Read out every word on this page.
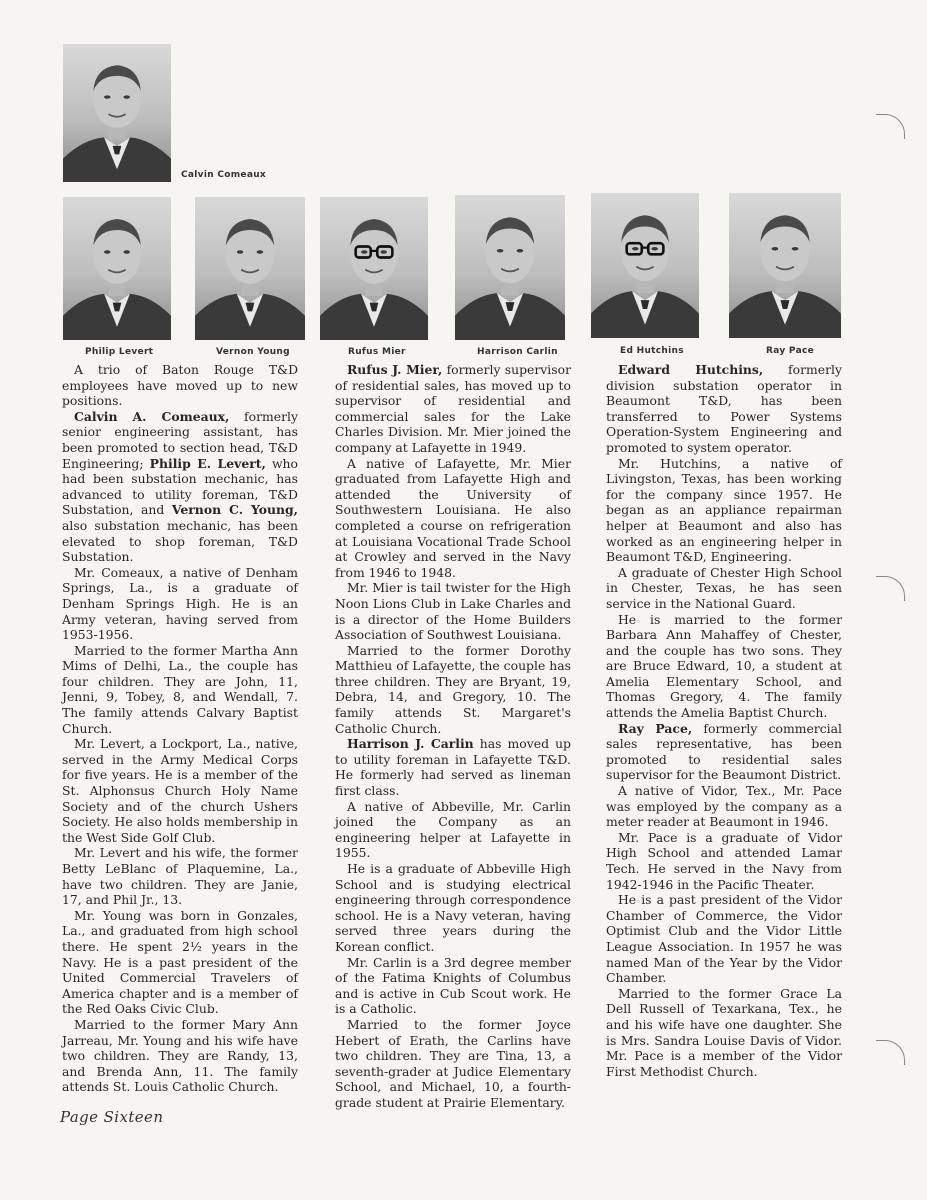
Calvin Comeaux
Philip Levert	Vernon Young	Rufus Mier	Harrison Carlin	Ed Hutchins	Ray Pace

A trio of Baton Rouge T&D employees have moved up to new positions.

Calvin A. Comeaux, formerly senior engineering assistant, has been promoted to section head, T&D Engineering; Philip E. Levert, who had been substation mechanic, has advanced to utility foreman, T&D Substation, and Vernon C. Young, also substation mechanic, has been elevated to shop foreman, T&D Substation.

Mr. Comeaux, a native of Denham Springs, La., is a graduate of Denham Springs High. He is an Army veteran, having served from 1953-1956.

Married to the former Martha Ann Mims of Delhi, La., the couple has four children. They are John, 11, Jenni, 9, Tobey, 8, and Wendall, 7. The family attends Calvary Baptist Church.

Mr. Levert, a Lockport, La., native, served in the Army Medical Corps for five years. He is a member of the St. Alphonsus Church Holy Name Society and of the church Ushers Society. He also holds membership in the West Side Golf Club.

Mr. Levert and his wife, the former Betty LeBlanc of Plaquemine, La., have two children. They are Janie, 17, and Phil Jr., 13.

Mr. Young was born in Gonzales, La., and graduated from high school there. He spent 2½ years in the Navy. He is a past president of the United Commercial Travelers of America chapter and is a member of the Red Oaks Civic Club.

Married to the former Mary Ann Jarreau, Mr. Young and his wife have two children. They are Randy, 13, and Brenda Ann, 11. The family attends St. Louis Catholic Church.

Rufus J. Mier, formerly supervisor of residential sales, has moved up to supervisor of residential and commercial sales for the Lake Charles Division. Mr. Mier joined the company at Lafayette in 1949.

A native of Lafayette, Mr. Mier graduated from Lafayette High and attended the University of Southwestern Louisiana. He also completed a course on refrigeration at Louisiana Vocational Trade School at Crowley and served in the Navy from 1946 to 1948.

Mr. Mier is tail twister for the High Noon Lions Club in Lake Charles and is a director of the Home Builders Association of Southwest Louisiana.

Married to the former Dorothy Matthieu of Lafayette, the couple has three children. They are Bryant, 19, Debra, 14, and Gregory, 10. The family attends St. Margaret's Catholic Church.

Harrison J. Carlin has moved up to utility foreman in Lafayette T&D. He formerly had served as lineman first class.

A native of Abbeville, Mr. Carlin joined the Company as an engineering helper at Lafayette in 1955.

He is a graduate of Abbeville High School and is studying electrical engineering through correspondence school. He is a Navy veteran, having served three years during the Korean conflict.

Mr. Carlin is a 3rd degree member of the Fatima Knights of Columbus and is active in Cub Scout work. He is a Catholic.

Married to the former Joyce Hebert of Erath, the Carlins have two children. They are Tina, 13, a seventh-grader at Judice Elementary School, and Michael, 10, a fourth-grade student at Prairie Elementary.

Edward Hutchins, formerly division substation operator in Beaumont T&D, has been transferred to Power Systems Operation-System Engineering and promoted to system operator.

Mr. Hutchins, a native of Livingston, Texas, has been working for the company since 1957. He began as an appliance repairman helper at Beaumont and also has worked as an engineering helper in Beaumont T&D, Engineering.

A graduate of Chester High School in Chester, Texas, he has seen service in the National Guard.

He is married to the former Barbara Ann Mahaffey of Chester, and the couple has two sons. They are Bruce Edward, 10, a student at Amelia Elementary School, and Thomas Gregory, 4. The family attends the Amelia Baptist Church.

Ray Pace, formerly commercial sales representative, has been promoted to residential sales supervisor for the Beaumont District.

A native of Vidor, Tex., Mr. Pace was employed by the company as a meter reader at Beaumont in 1946.

Mr. Pace is a graduate of Vidor High School and attended Lamar Tech. He served in the Navy from 1942-1946 in the Pacific Theater.

He is a past president of the Vidor Chamber of Commerce, the Vidor Optimist Club and the Vidor Little League Association. In 1957 he was named Man of the Year by the Vidor Chamber.

Married to the former Grace La Dell Russell of Texarkana, Tex., he and his wife have one daughter. She is Mrs. Sandra Louise Davis of Vidor. Mr. Pace is a member of the Vidor First Methodist Church.

Page Sixteen
